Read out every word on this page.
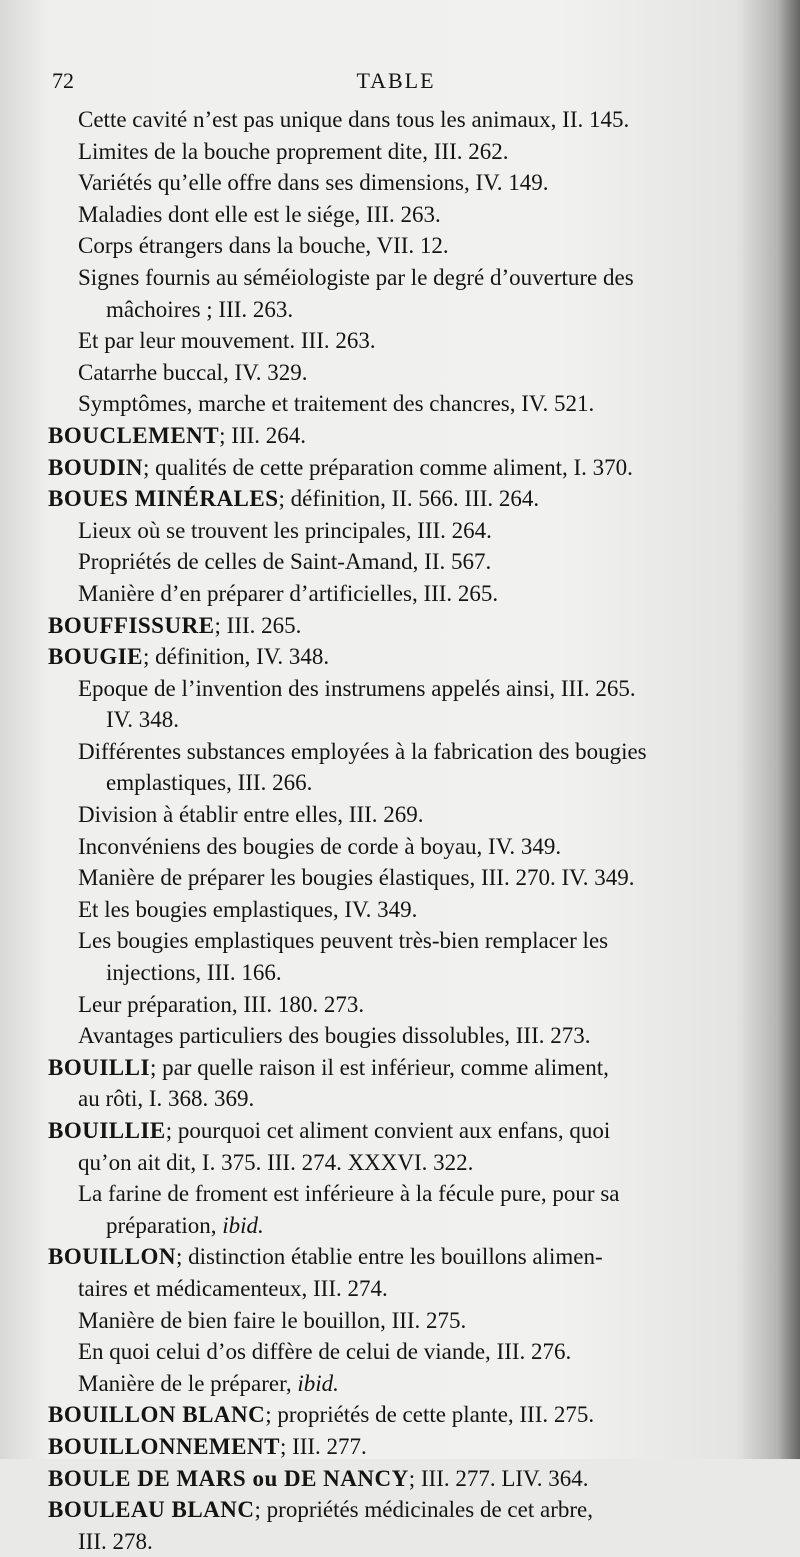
72	TABLE
Cette cavité n’est pas unique dans tous les animaux, II. 145.
Limites de la bouche proprement dite, III. 262.
Variétés qu’elle offre dans ses dimensions, IV. 149.
Maladies dont elle est le siége, III. 263.
Corps étrangers dans la bouche, VII. 12.
Signes fournis au séméiologiste par le degré d’ouverture des
mâchoires ; III. 263.
Et par leur mouvement. III. 263.
Catarrhe buccal, IV. 329.
Symptômes, marche et traitement des chancres, IV. 521.
BOUCLEMENT; III. 264.
BOUDIN; qualités de cette préparation comme aliment, I. 370.
BOUES MINÉRALES; définition, II. 566. III. 264.
Lieux où se trouvent les principales, III. 264.
Propriétés de celles de Saint-Amand, II. 567.
Manière d’en préparer d’artificielles, III. 265.
BOUFFISSURE; III. 265.
BOUGIE; définition, IV. 348.
Epoque de l’invention des instrumens appelés ainsi, III. 265.
IV. 348.
Différentes substances employées à la fabrication des bougies
emplastiques, III. 266.
Division à établir entre elles, III. 269.
Inconvéniens des bougies de corde à boyau, IV. 349.
Manière de préparer les bougies élastiques, III. 270. IV. 349.
Et les bougies emplastiques, IV. 349.
Les bougies emplastiques peuvent très-bien remplacer les
injections, III. 166.
Leur préparation, III. 180. 273.
Avantages particuliers des bougies dissolubles, III. 273.
BOUILLI; par quelle raison il est inférieur, comme aliment,
au rôti, I. 368. 369.
BOUILLIE; pourquoi cet aliment convient aux enfans, quoi
qu’on ait dit, I. 375. III. 274. XXXVI. 322.
La farine de froment est inférieure à la fécule pure, pour sa
préparation, ibid.
BOUILLON; distinction établie entre les bouillons alimen-
taires et médicamenteux, III. 274.
Manière de bien faire le bouillon, III. 275.
En quoi celui d’os diffère de celui de viande, III. 276.
Manière de le préparer, ibid.
BOUILLON BLANC; propriétés de cette plante, III. 275.
BOUILLONNEMENT; III. 277.
BOULE DE MARS ou DE NANCY; III. 277. LIV. 364.
BOULEAU BLANC; propriétés médicinales de cet arbre,
III. 278.
